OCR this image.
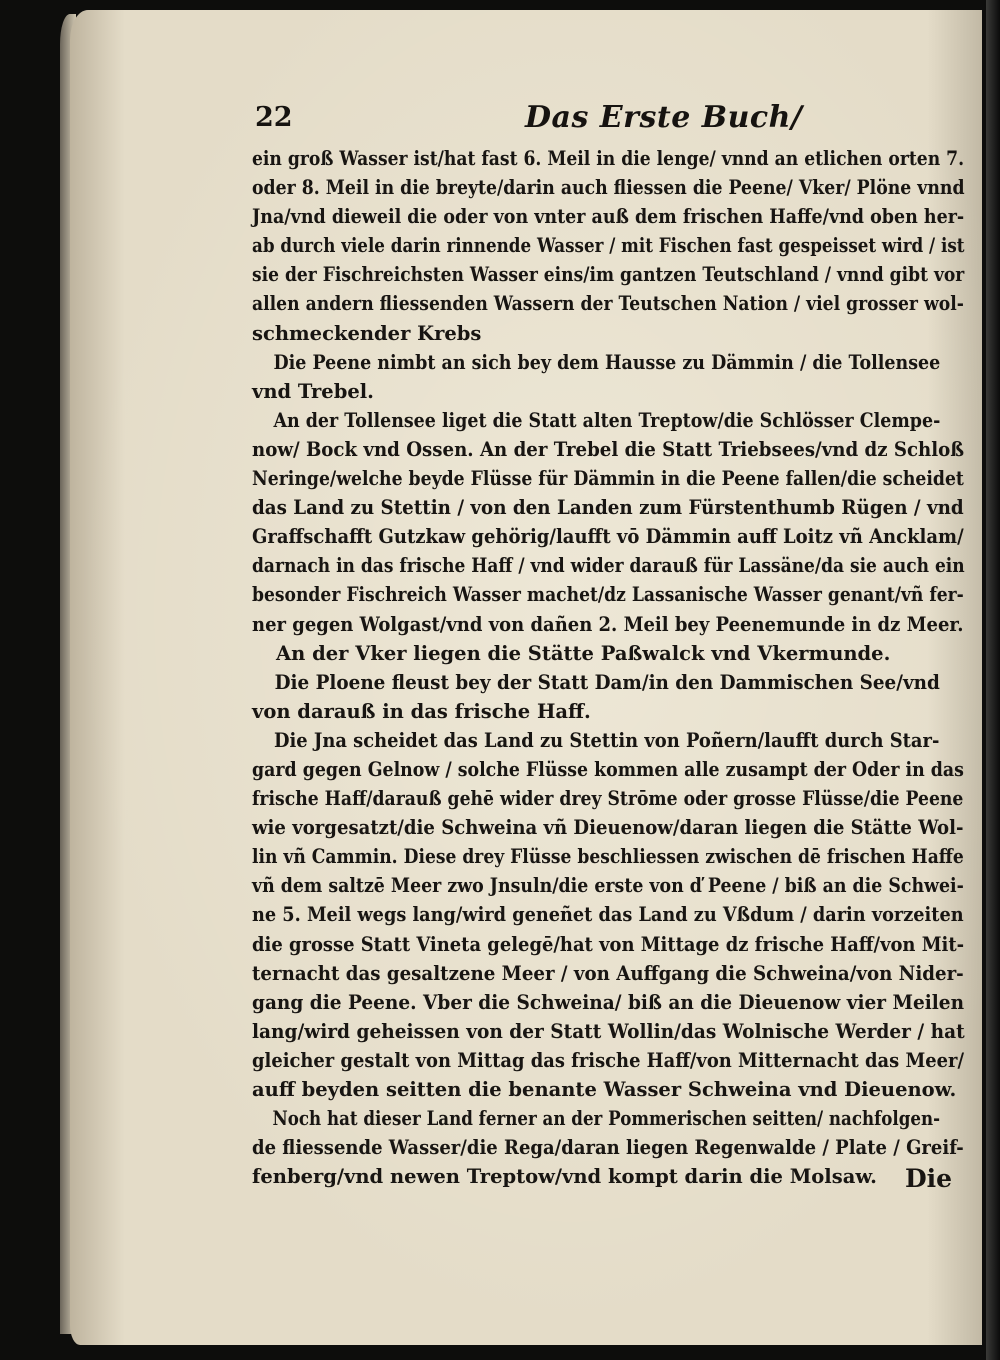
22	Das Erste Buch/
ein groß Wasser ist/hat fast 6. Meil in die lenge/ vnnd an etlichen orten 7.
oder 8. Meil in die breyte/darin auch fliessen die Peene/ Vker/ Plöne vnnd
Jna/vnd dieweil die oder von vnter auß dem frischen Haffe/vnd oben her-
ab durch viele darin rinnende Wasser / mit Fischen fast gespeisset wird / ist
sie der Fischreichsten Wasser eins/im gantzen Teutschland / vnnd gibt vor
allen andern fliessenden Wassern der Teutschen Nation / viel grosser wol-
schmeckender Krebs
Die Peene nimbt an sich bey dem Hausse zu Dämmin / die Tollensee
vnd Trebel.
An der Tollensee liget die Statt alten Treptow/die Schlösser Clempe-
now/ Bock vnd Ossen. An der Trebel die Statt Triebsees/vnd dz Schloß
Neringe/welche beyde Flüsse für Dämmin in die Peene fallen/die scheidet
das Land zu Stettin / von den Landen zum Fürstenthumb Rügen / vnd
Graffschafft Gutzkaw gehörig/laufft vō Dämmin auff Loitz vñ Ancklam/
darnach in das frische Haff / vnd wider darauß für Lassäne/da sie auch ein
besonder Fischreich Wasser machet/dz Lassanische Wasser genant/vñ fer-
ner gegen Wolgast/vnd von dañen 2. Meil bey Peenemunde in dz Meer.
An der Vker liegen die Stätte Paßwalck vnd Vkermunde.
Die Ploene fleust bey der Statt Dam/in den Dammischen See/vnd
von darauß in das frische Haff.
Die Jna scheidet das Land zu Stettin von Poñern/laufft durch Star-
gard gegen Gelnow / solche Flüsse kommen alle zusampt der Oder in das
frische Haff/darauß gehē wider drey Strōme oder grosse Flüsse/die Peene
wie vorgesatzt/die Schweina vñ Dieuenow/daran liegen die Stätte Wol-
lin vñ Cammin. Diese drey Flüsse beschliessen zwischen dē frischen Haffe
vñ dem saltzē Meer zwo Jnsuln/die erste von ď Peene / biß an die Schwei-
ne 5. Meil wegs lang/wird geneñet das Land zu Vßdum / darin vorzeiten
die grosse Statt Vineta gelegē/hat von Mittage dz frische Haff/von Mit-
ternacht das gesaltzene Meer / von Auffgang die Schweina/von Nider-
gang die Peene. Vber die Schweina/ biß an die Dieuenow vier Meilen
lang/wird geheissen von der Statt Wollin/das Wolnische Werder / hat
gleicher gestalt von Mittag das frische Haff/von Mitternacht das Meer/
auff beyden seitten die benante Wasser Schweina vnd Dieuenow.
Noch hat dieser Land ferner an der Pommerischen seitten/ nachfolgen-
de fliessende Wasser/die Rega/daran liegen Regenwalde / Plate / Greif-
fenberg/vnd newen Treptow/vnd kompt darin die Molsaw. Die
